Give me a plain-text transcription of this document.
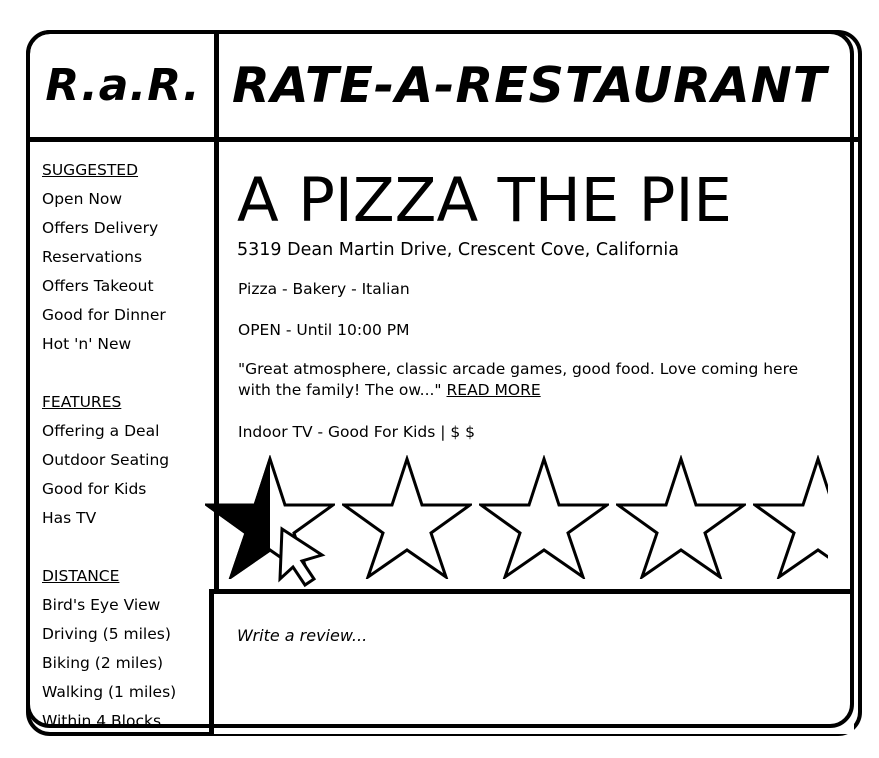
R.a.R. RATE-A-RESTAURANT
SUGGESTED
Open Now
Offers Delivery
Reservations
Offers Takeout
Good for Dinner
Hot 'n' New
FEATURES
Offering a Deal
Outdoor Seating
Good for Kids
Has TV
DISTANCE
Bird's Eye View
Driving (5 miles)
Biking (2 miles)
Walking (1 miles)
Within 4 Blocks
A PIZZA THE PIE
5319 Dean Martin Drive, Crescent Cove, California
Pizza - Bakery - Italian
OPEN - Until 10:00 PM
"Great atmosphere, classic arcade games, good food. Love coming here with the family! The ow..." READ MORE
Indoor TV - Good For Kids | $ $
Write a review...
